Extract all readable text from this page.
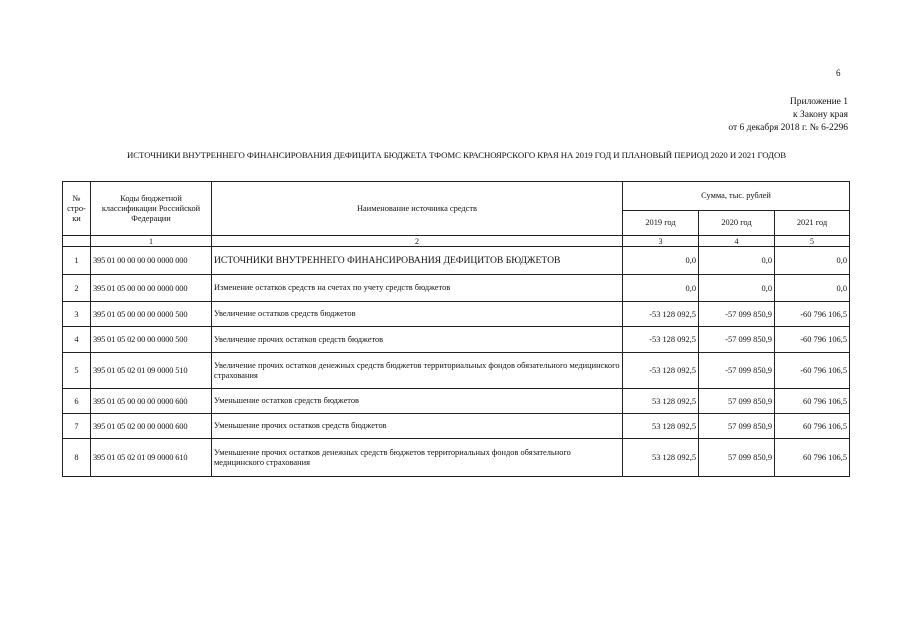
6
Приложение 1
к Закону края
от 6 декабря 2018 г. № 6-2296
ИСТОЧНИКИ ВНУТРЕННЕГО ФИНАНСИРОВАНИЯ ДЕФИЦИТА БЮДЖЕТА ТФОМС КРАСНОЯРСКОГО КРАЯ НА 2019 ГОД И ПЛАНОВЫЙ ПЕРИОД 2020 И 2021 ГОДОВ
№ стро-ки	Коды бюджетной классификации Российской Федерации	Наименование источника средств	Сумма, тыс. рублей		
			2019 год	2020 год	2021 год
	1	2	3	4	5
1	395 01 00 00 00 00 0000 000	ИСТОЧНИКИ ВНУТРЕННЕГО ФИНАНСИРОВАНИЯ ДЕФИЦИТОВ БЮДЖЕТОВ	0,0	0,0	0,0
2	395 01 05 00 00 00 0000 000	Изменение остатков средств на счетах по учету средств бюджетов	0,0	0,0	0,0
3	395 01 05 00 00 00 0000 500	Увеличение остатков средств бюджетов	-53 128 092,5	-57 099 850,9	-60 796 106,5
4	395 01 05 02 00 00 0000 500	Увеличение прочих остатков средств бюджетов	-53 128 092,5	-57 099 850,9	-60 796 106,5
5	395 01 05 02 01 09 0000 510	Увеличение прочих остатков денежных средств бюджетов территориальных фондов обязательного медицинского страхования	-53 128 092,5	-57 099 850,9	-60 796 106,5
6	395 01 05 00 00 00 0000 600	Уменьшение остатков средств бюджетов	53 128 092,5	57 099 850,9	60 796 106,5
7	395 01 05 02 00 00 0000 600	Уменьшение прочих остатков средств бюджетов	53 128 092,5	57 099 850,9	60 796 106,5
8	395 01 05 02 01 09 0000 610	Уменьшение прочих остатков денежных средств бюджетов территориальных фондов обязательного медицинского страхования	53 128 092,5	57 099 850,9	60 796 106,5
